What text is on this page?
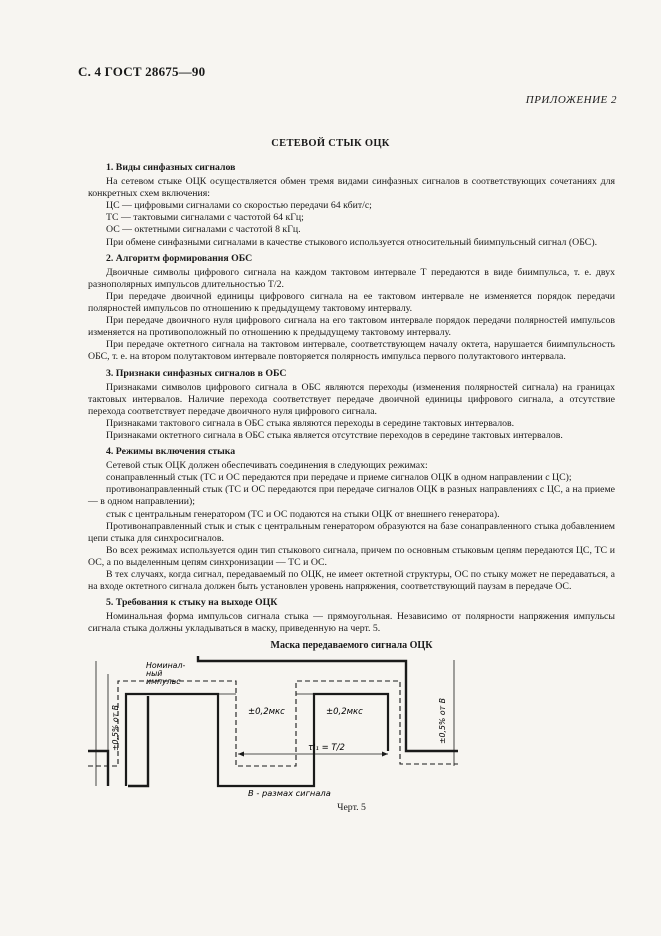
С. 4 ГОСТ 28675—90
ПРИЛОЖЕНИЕ 2
СЕТЕВОЙ СТЫК ОЦК
1. Виды синфазных сигналов

На сетевом стыке ОЦК осуществляется обмен тремя видами синфазных сигналов в соответствующих сочетаниях для конкретных схем включения:

ЦС — цифровыми сигналами со скоростью передачи 64 кбит/с;

ТС — тактовыми сигналами с частотой 64 кГц;

ОС — октетными сигналами с частотой 8 кГц.

При обмене синфазными сигналами в качестве стыкового используется относительный биимпульсный сигнал (ОБС).

2. Алгоритм формирования ОБС

Двоичные символы цифрового сигнала на каждом тактовом интервале Т передаются в виде биимпульса, т. е. двух разнополярных импульсов длительностью Т/2.

При передаче двоичной единицы цифрового сигнала на ее тактовом интервале не изменяется порядок передачи полярностей импульсов по отношению к предыдущему тактовому интервалу.

При передаче двоичного нуля цифрового сигнала на его тактовом интервале порядок передачи полярностей импульсов изменяется на противоположный по отношению к предыдущему тактовому интервалу.

При передаче октетного сигнала на тактовом интервале, соответствующем началу октета, нарушается биимпульсность ОБС, т. е. на втором полутактовом интервале повторяется полярность импульса первого полутактового интервала.

3. Признаки синфазных сигналов в ОБС

Признаками символов цифрового сигнала в ОБС являются переходы (изменения полярностей сигнала) на границах тактовых интервалов. Наличие перехода соответствует передаче двоичной единицы цифрового сигнала, а отсутствие перехода соответствует передаче двоичного нуля цифрового сигнала.

Признаками тактового сигнала в ОБС стыка являются переходы в середине тактовых интервалов.

Признаками октетного сигнала в ОБС стыка является отсутствие переходов в середине тактовых интервалов.

4. Режимы включения стыка

Сетевой стык ОЦК должен обеспечивать соединения в следующих режимах:

сонаправленный стык (ТС и ОС передаются при передаче и приеме сигналов ОЦК в одном направлении с ЦС);

противонаправленный стык (ТС и ОС передаются при передаче сигналов ОЦК в разных направлениях с ЦС, а на приеме — в одном направлении);

стык с центральным генератором (ТС и ОС подаются на стыки ОЦК от внешнего генератора).

Противонаправленный стык и стык с центральным генератором образуются на базе сонаправленного стыка добавлением цепи стыка для синхросигналов.

Во всех режимах используется один тип стыкового сигнала, причем по основным стыковым цепям передаются ЦС, ТС и ОС, а по выделенным цепям синхронизации — ТС и ОС.

В тех случаях, когда сигнал, передаваемый по ОЦК, не имеет октетной структуры, ОС по стыку может не передаваться, а на входе октетного сигнала должен быть установлен уровень напряжения, соответствующий паузам в передаче ОС.

5. Требования к стыку на выходе ОЦК

Номинальная форма импульсов сигнала стыка — прямоугольная. Независимо от полярности напряжения импульсы сигнала стыка должны укладываться в маску, приведенную на черт. 5.

Маска передаваемого сигнала ОЦК
Номинал-
ный
импульс
±0,2мкс	±0,2мкс
τ'₁ = T/2
В - размах сигнала
±0,5% от В	±0,5% от В
Черт. 5
